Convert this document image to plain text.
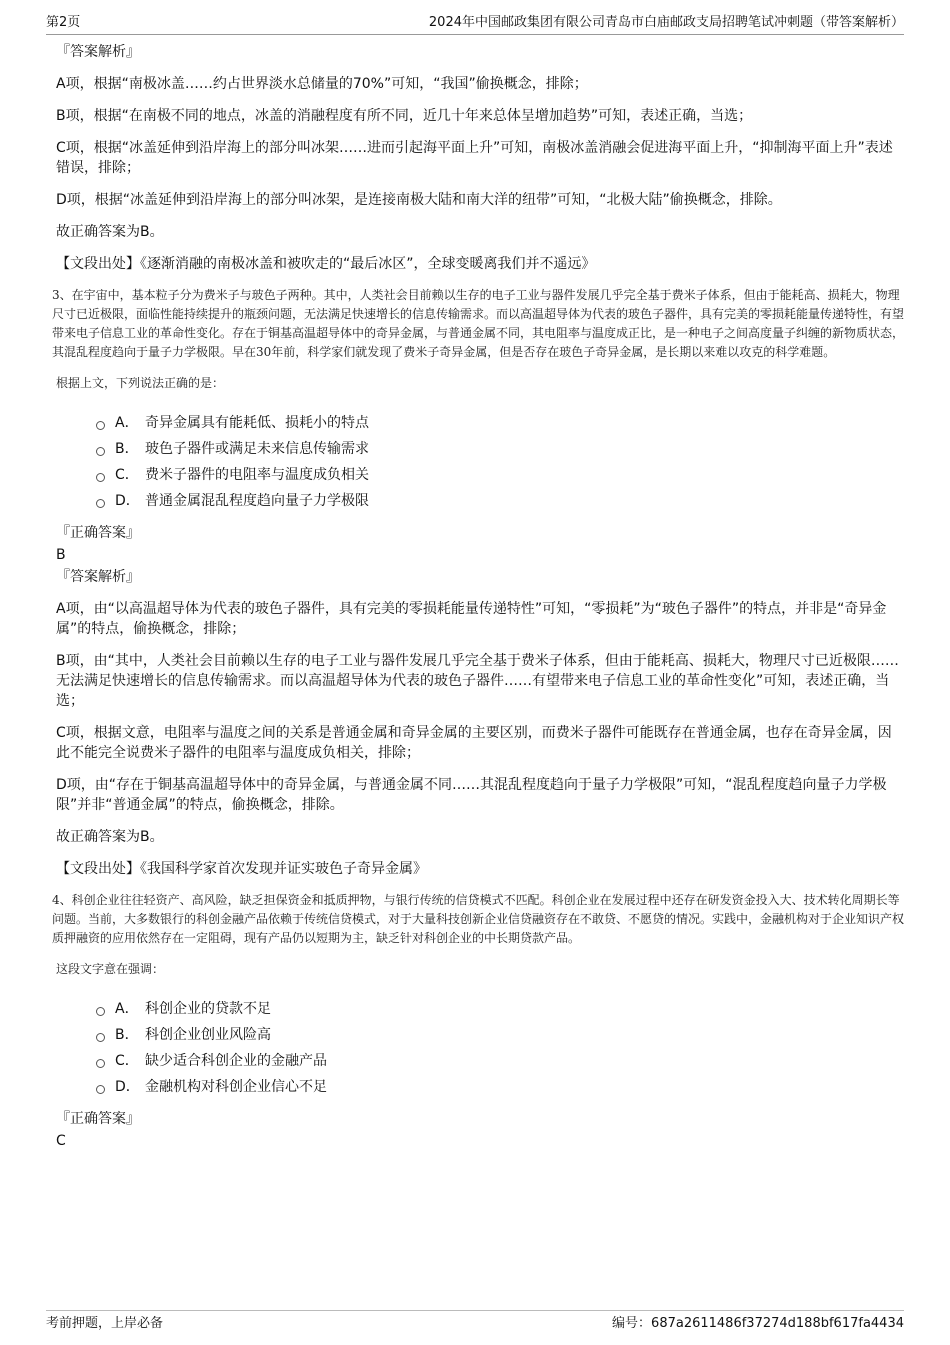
第2页	2024年中国邮政集团有限公司青岛市白庙邮政支局招聘笔试冲刺题（带答案解析）

『答案解析』

A项，根据“南极冰盖……约占世界淡水总储量的70%”可知，“我国”偷换概念，排除；

B项，根据“在南极不同的地点，冰盖的消融程度有所不同，近几十年来总体呈增加趋势”可知，表述正确，当选；

C项，根据“冰盖延伸到沿岸海上的部分叫冰架……进而引起海平面上升”可知，南极冰盖消融会促进海平面上升，“抑制海平面上升”表述错误，排除；

D项，根据“冰盖延伸到沿岸海上的部分叫冰架，是连接南极大陆和南大洋的纽带”可知，“北极大陆”偷换概念，排除。

故正确答案为B。

【文段出处】《逐渐消融的南极冰盖和被吹走的“最后冰区”，全球变暖离我们并不遥远》

3、在宇宙中，基本粒子分为费米子与玻色子两种。其中，人类社会目前赖以生存的电子工业与器件发展几乎完全基于费米子体系，但由于能耗高、损耗大，物理尺寸已近极限，面临性能持续提升的瓶颈问题，无法满足快速增长的信息传输需求。而以高温超导体为代表的玻色子器件，具有完美的零损耗能量传递特性，有望带来电子信息工业的革命性变化。存在于铜基高温超导体中的奇异金属，与普通金属不同，其电阻率与温度成正比，是一种电子之间高度量子纠缠的新物质状态，其混乱程度趋向于量子力学极限。早在30年前，科学家们就发现了费米子奇异金属，但是否存在玻色子奇异金属，是长期以来难以攻克的科学难题。

根据上文，下列说法正确的是：

A． 奇异金属具有能耗低、损耗小的特点
B． 玻色子器件或满足未来信息传输需求
C． 费米子器件的电阻率与温度成负相关
D． 普通金属混乱程度趋向量子力学极限

『正确答案』

B

『答案解析』

A项，由“以高温超导体为代表的玻色子器件，具有完美的零损耗能量传递特性”可知，“零损耗”为“玻色子器件”的特点，并非是“奇异金属”的特点，偷换概念，排除；

B项，由“其中，人类社会目前赖以生存的电子工业与器件发展几乎完全基于费米子体系，但由于能耗高、损耗大，物理尺寸已近极限……无法满足快速增长的信息传输需求。而以高温超导体为代表的玻色子器件……有望带来电子信息工业的革命性变化”可知，表述正确，当选；

C项，根据文意，电阻率与温度之间的关系是普通金属和奇异金属的主要区别，而费米子器件可能既存在普通金属，也存在奇异金属，因此不能完全说费米子器件的电阻率与温度成负相关，排除；

D项，由“存在于铜基高温超导体中的奇异金属，与普通金属不同……其混乱程度趋向于量子力学极限”可知，“混乱程度趋向量子力学极限”并非“普通金属”的特点，偷换概念，排除。

故正确答案为B。

【文段出处】《我国科学家首次发现并证实玻色子奇异金属》

4、科创企业往往轻资产、高风险，缺乏担保资金和抵质押物，与银行传统的信贷模式不匹配。科创企业在发展过程中还存在研发资金投入大、技术转化周期长等问题。当前，大多数银行的科创金融产品依赖于传统信贷模式，对于大量科技创新企业信贷融资存在不敢贷、不愿贷的情况。实践中，金融机构对于企业知识产权质押融资的应用依然存在一定阻碍，现有产品仍以短期为主，缺乏针对科创企业的中长期贷款产品。

这段文字意在强调：

A． 科创企业的贷款不足
B． 科创企业创业风险高
C． 缺少适合科创企业的金融产品
D． 金融机构对科创企业信心不足

『正确答案』

C

考前押题，上岸必备	编号：687a2611486f37274d188bf617fa4434
